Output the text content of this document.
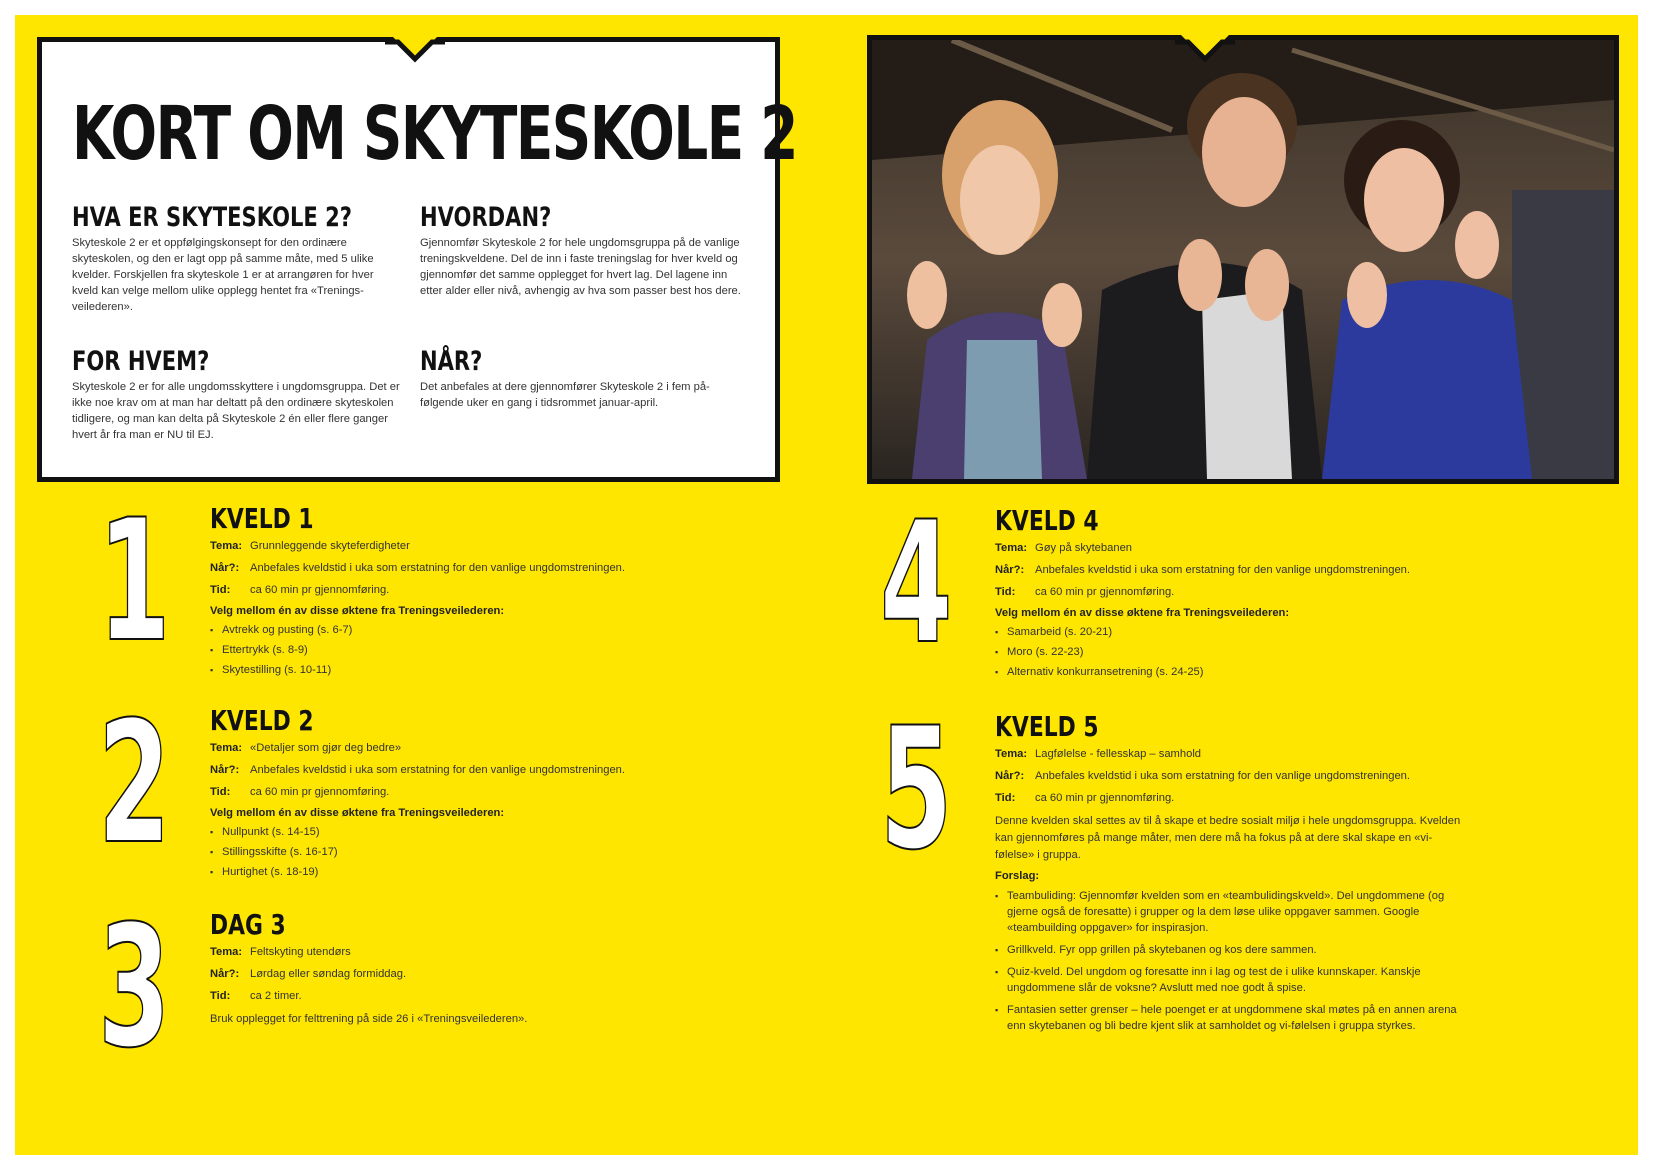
KORT OM SKYTESKOLE 2
HVA ER SKYTESKOLE 2?

Skyteskole 2 er et oppfølgingskonsept for den ordinære skyteskolen, og den er lagt opp på samme måte, med 5 ulike kvelder. Forskjellen fra skyteskole 1 er at arrangøren for hver kveld kan velge mellom ulike opplegg hentet fra «Trenings-veilederen».

HVORDAN?

Gjennomfør Skyteskole 2 for hele ungdomsgruppa på de vanlige treningskveldene. Del de inn i faste treningslag for hver kveld og gjennomfør det samme opplegget for hvert lag. Del lagene inn etter alder eller nivå, avhengig av hva som passer best hos dere.

FOR HVEM?

Skyteskole 2 er for alle ungdomsskyttere i ungdomsgruppa. Det er ikke noe krav om at man har deltatt på den ordinære skyteskolen tidligere, og man kan delta på Skyteskole 2 én eller flere ganger hvert år fra man er NU til EJ.

NÅR?

Det anbefales at dere gjennomfører Skyteskole 2 i fem på-følgende uker en gang i tidsrommet januar-april.

1 KVELD 1
Tema: Grunnleggende skyteferdigheter
Når?: Anbefales kveldstid i uka som erstatning for den vanlige ungdomstreningen.
Tid:	ca 60 min pr gjennomføring.
Velg mellom én av disse øktene fra Treningsveilederen:
▪ Avtrekk og pusting (s. 6-7)
▪ Ettertrykk (s. 8-9)
▪ Skytestilling (s. 10-11)
2 KVELD 2
Tema: «Detaljer som gjør deg bedre»
Når?: Anbefales kveldstid i uka som erstatning for den vanlige ungdomstreningen.
Tid:	ca 60 min pr gjennomføring.
Velg mellom én av disse øktene fra Treningsveilederen:
▪ Nullpunkt (s. 14-15)
▪ Stillingsskifte (s. 16-17)
▪ Hurtighet (s. 18-19)
3 DAG 3
Tema: Feltskyting utendørs
Når?: Lørdag eller søndag formiddag.
Tid:	ca 2 timer.
Bruk opplegget for felttrening på side 26 i «Treningsveilederen».
4 KVELD 4
Tema: Gøy på skytebanen
Når?: Anbefales kveldstid i uka som erstatning for den vanlige ungdomstreningen.
Tid:	ca 60 min pr gjennomføring.
Velg mellom én av disse øktene fra Treningsveilederen:
▪ Samarbeid (s. 20-21)
▪ Moro (s. 22-23)
▪ Alternativ konkurransetrening (s. 24-25)
5 KVELD 5
Tema: Lagfølelse - fellesskap – samhold
Når?: Anbefales kveldstid i uka som erstatning for den vanlige ungdomstreningen.
Tid:	ca 60 min pr gjennomføring.
Denne kvelden skal settes av til å skape et bedre sosialt miljø i hele ungdomsgruppa. Kvelden kan gjennomføres på mange måter, men dere må ha fokus på at dere skal skape en «vi-følelse» i gruppa.
Forslag:
▪ Teambuliding: Gjennomfør kvelden som en «teambulidingskveld». Del ungdommene (og gjerne også de foresatte) i grupper og la dem løse ulike oppgaver sammen. Google «teambuilding oppgaver» for inspirasjon.
▪ Grillkveld. Fyr opp grillen på skytebanen og kos dere sammen.
▪ Quiz-kveld. Del ungdom og foresatte inn i lag og test de i ulike kunnskaper. Kanskje ungdommene slår de voksne? Avslutt med noe godt å spise.
▪ Fantasien setter grenser – hele poenget er at ungdommene skal møtes på en annen arena enn skytebanen og bli bedre kjent slik at samholdet og vi-følelsen i gruppa styrkes.
